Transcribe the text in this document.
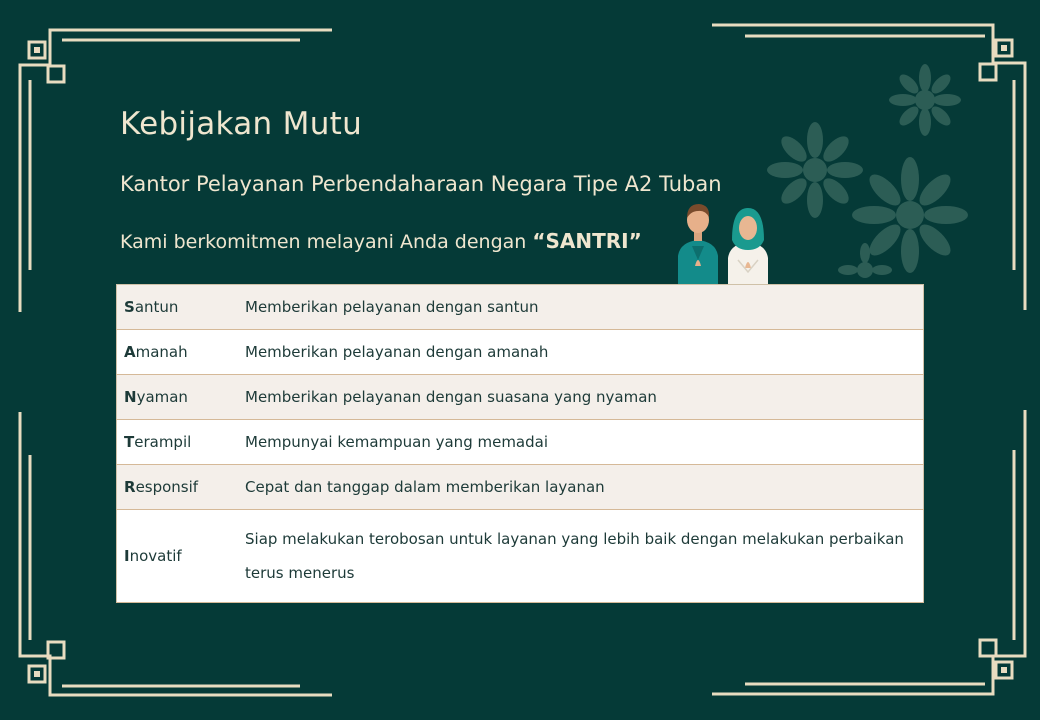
Kebijakan Mutu
Kantor Pelayanan Perbendaharaan Negara Tipe A2 Tuban
Kami berkomitmen melayani Anda dengan “SANTRI”
Santun	Memberikan pelayanan dengan santun
Amanah	Memberikan pelayanan dengan amanah
Nyaman	Memberikan pelayanan dengan suasana yang nyaman
Terampil	Mempunyai kemampuan yang memadai
Responsif	Cepat dan tanggap dalam memberikan layanan
Inovatif	Siap melakukan terobosan untuk layanan yang lebih baik dengan melakukan perbaikan terus menerus
